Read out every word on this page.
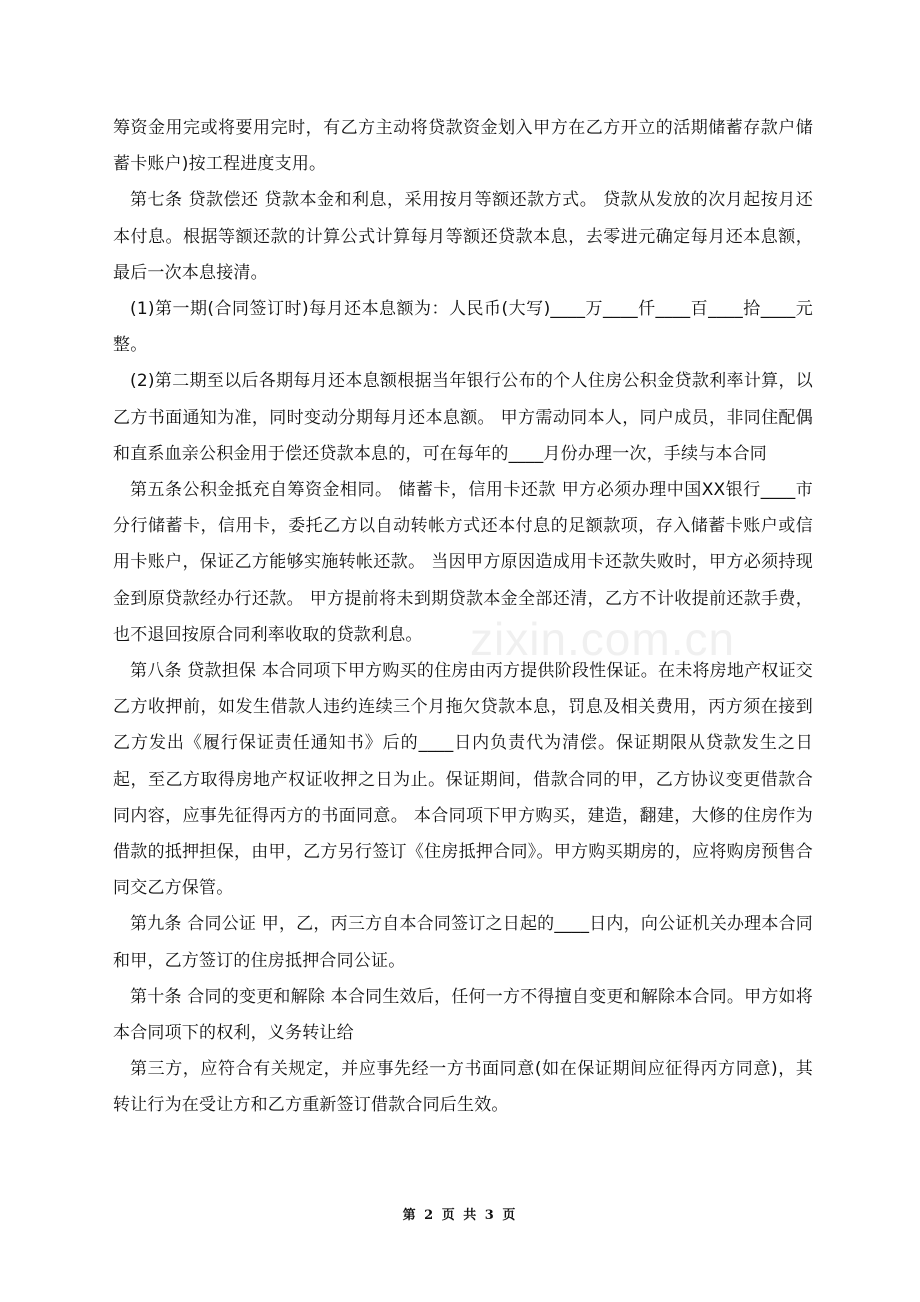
筹资金用完或将要用完时，有乙方主动将贷款资金划入甲方在乙方开立的活期储蓄存款户储蓄卡账户)按工程进度支用。

第七条 贷款偿还 贷款本金和利息，采用按月等额还款方式。 贷款从发放的次月起按月还本付息。根据等额还款的计算公式计算每月等额还贷款本息，去零进元确定每月还本息额，最后一次本息接清。

(1)第一期(合同签订时)每月还本息额为：人民币(大写)____万____仟____百____拾____元整。

(2)第二期至以后各期每月还本息额根据当年银行公布的个人住房公积金贷款利率计算，以乙方书面通知为准，同时变动分期每月还本息额。 甲方需动同本人，同户成员，非同住配偶和直系血亲公积金用于偿还贷款本息的，可在每年的____月份办理一次，手续与本合同

第五条公积金抵充自筹资金相同。 储蓄卡，信用卡还款 甲方必须办理中国XX银行____市分行储蓄卡，信用卡，委托乙方以自动转帐方式还本付息的足额款项，存入储蓄卡账户或信用卡账户，保证乙方能够实施转帐还款。 当因甲方原因造成用卡还款失败时，甲方必须持现金到原贷款经办行还款。 甲方提前将未到期贷款本金全部还清，乙方不计收提前还款手费，也不退回按原合同利率收取的贷款利息。

第八条 贷款担保 本合同项下甲方购买的住房由丙方提供阶段性保证。在未将房地产权证交乙方收押前，如发生借款人违约连续三个月拖欠贷款本息，罚息及相关费用，丙方须在接到乙方发出《履行保证责任通知书》后的____日内负责代为清偿。保证期限从贷款发生之日起，至乙方取得房地产权证收押之日为止。保证期间，借款合同的甲，乙方协议变更借款合同内容，应事先征得丙方的书面同意。 本合同项下甲方购买，建造，翻建，大修的住房作为借款的抵押担保，由甲，乙方另行签订《住房抵押合同》。甲方购买期房的，应将购房预售合同交乙方保管。

第九条 合同公证 甲，乙，丙三方自本合同签订之日起的____日内，向公证机关办理本合同和甲，乙方签订的住房抵押合同公证。

第十条 合同的变更和解除 本合同生效后，任何一方不得擅自变更和解除本合同。甲方如将本合同项下的权利，义务转让给

第三方，应符合有关规定，并应事先经一方书面同意(如在保证期间应征得丙方同意)，其转让行为在受让方和乙方重新签订借款合同后生效。

zixin.com.cn
第 2 页 共 3 页
